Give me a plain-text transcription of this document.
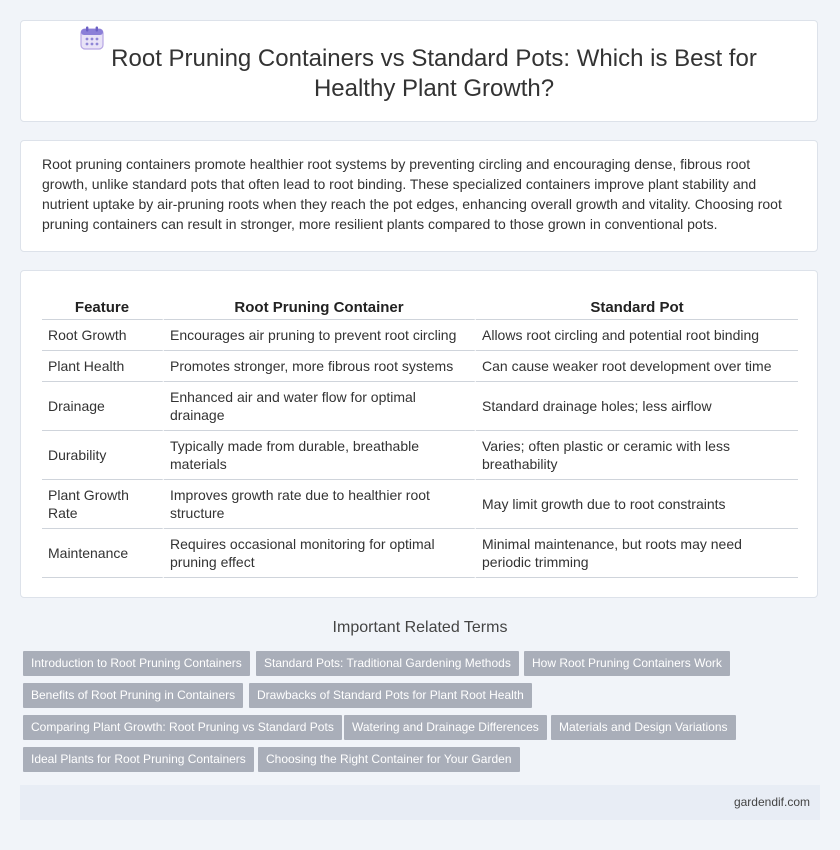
Root Pruning Containers vs Standard Pots: Which is Best for Healthy Plant Growth?

Root pruning containers promote healthier root systems by preventing circling and encouraging dense, fibrous root growth, unlike standard pots that often lead to root binding. These specialized containers improve plant stability and nutrient uptake by air-pruning roots when they reach the pot edges, enhancing overall growth and vitality. Choosing root pruning containers can result in stronger, more resilient plants compared to those grown in conventional pots.

Feature	Root Pruning Container	Standard Pot
Root Growth	Encourages air pruning to prevent root circling	Allows root circling and potential root binding
Plant Health	Promotes stronger, more fibrous root systems	Can cause weaker root development over time
Drainage	Enhanced air and water flow for optimal drainage	Standard drainage holes; less airflow
Durability	Typically made from durable, breathable materials	Varies; often plastic or ceramic with less breathability
Plant Growth Rate	Improves growth rate due to healthier root structure	May limit growth due to root constraints
Maintenance	Requires occasional monitoring for optimal pruning effect	Minimal maintenance, but roots may need periodic trimming
Important Related Terms
Introduction to Root Pruning Containers	Standard Pots: Traditional Gardening Methods	How Root Pruning Containers Work
Benefits of Root Pruning in Containers	Drawbacks of Standard Pots for Plant Root Health
Comparing Plant Growth: Root Pruning vs Standard Pots	Watering and Drainage Differences	Materials and Design Variations
Ideal Plants for Root Pruning Containers	Choosing the Right Container for Your Garden
gardendif.com
